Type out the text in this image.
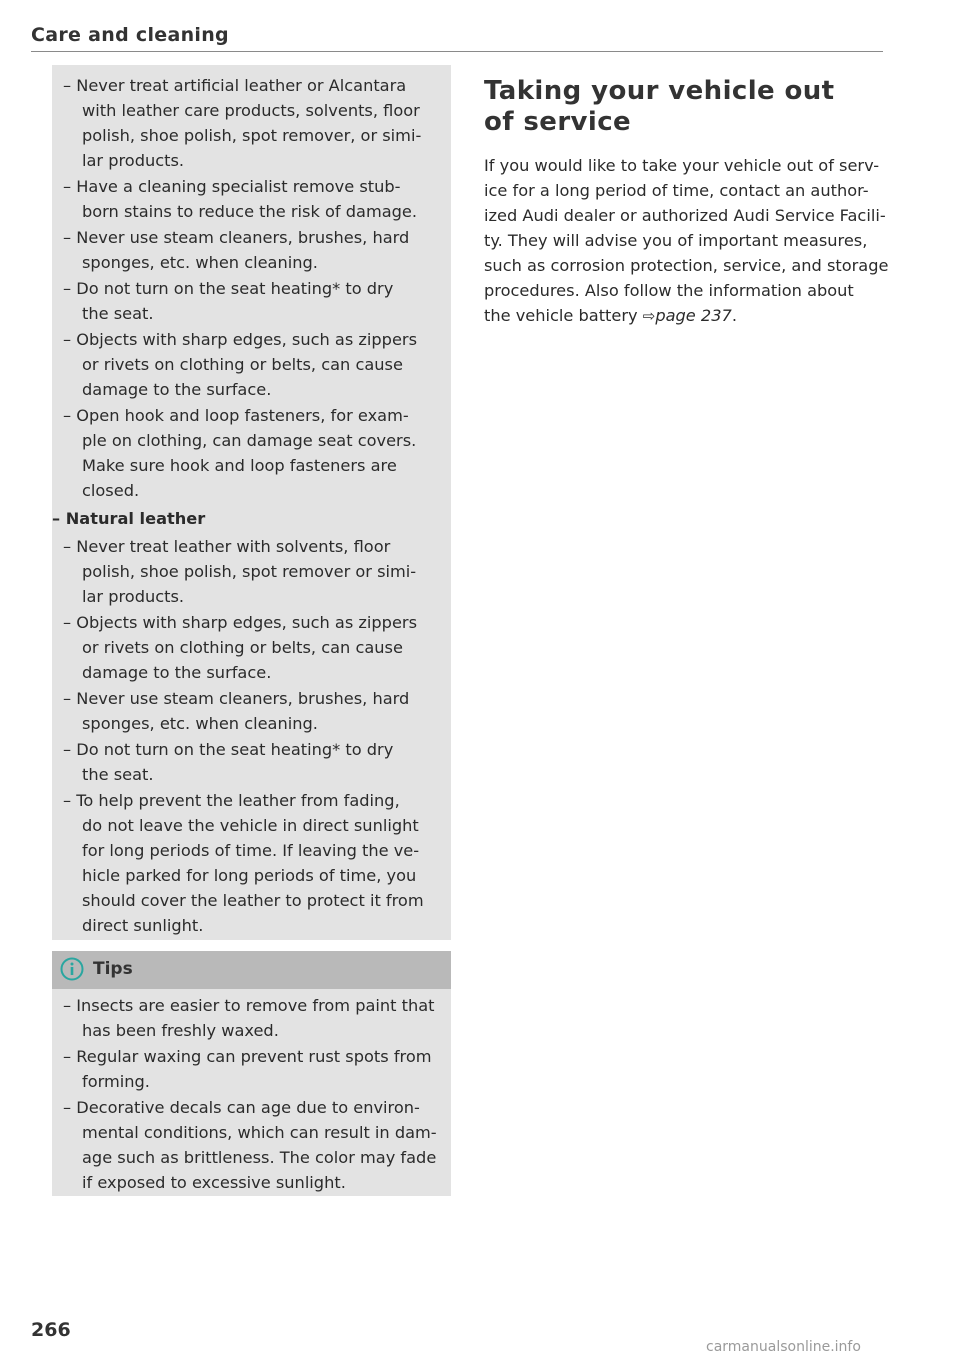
Care and cleaning
– Never treat artificial leather or Alcantara
with leather care products, solvents, floor
polish, shoe polish, spot remover, or simi-
lar products.
– Have a cleaning specialist remove stub-
born stains to reduce the risk of damage.
– Never use steam cleaners, brushes, hard
sponges, etc. when cleaning.
– Do not turn on the seat heating* to dry
the seat.
– Objects with sharp edges, such as zippers
or rivets on clothing or belts, can cause
damage to the surface.
– Open hook and loop fasteners, for exam-
ple on clothing, can damage seat covers.
Make sure hook and loop fasteners are
closed.
– Natural leather
– Never treat leather with solvents, floor
polish, shoe polish, spot remover or simi-
lar products.
– Objects with sharp edges, such as zippers
or rivets on clothing or belts, can cause
damage to the surface.
– Never use steam cleaners, brushes, hard
sponges, etc. when cleaning.
– Do not turn on the seat heating* to dry
the seat.
– To help prevent the leather from fading,
do not leave the vehicle in direct sunlight
for long periods of time. If leaving the ve-
hicle parked for long periods of time, you
should cover the leather to protect it from
direct sunlight.
Tips
– Insects are easier to remove from paint that
has been freshly waxed.
– Regular waxing can prevent rust spots from
forming.
– Decorative decals can age due to environ-
mental conditions, which can result in dam-
age such as brittleness. The color may fade
if exposed to excessive sunlight.
Taking your vehicle out
of service
If you would like to take your vehicle out of serv-
ice for a long period of time, contact an author-
ized Audi dealer or authorized Audi Service Facili-
ty. They will advise you of important measures,
such as corrosion protection, service, and storage
procedures. Also follow the information about
the vehicle battery ⇨page 237.
266
carmanualsonline.info
